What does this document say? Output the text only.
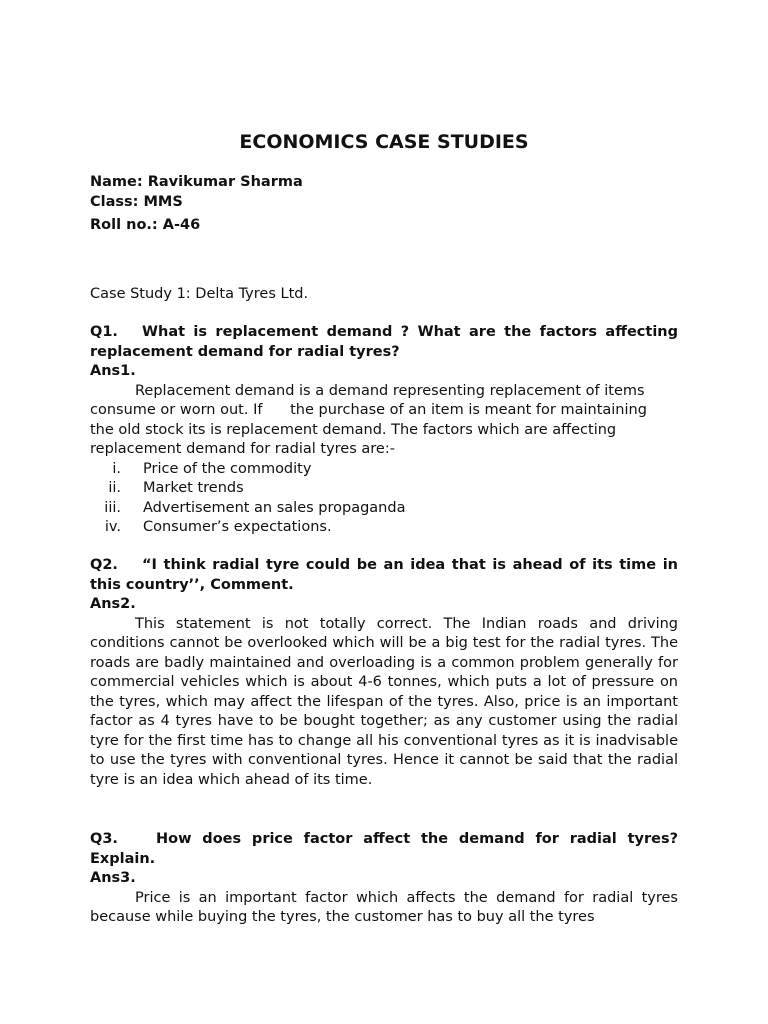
ECONOMICS CASE STUDIES

Name: Ravikumar Sharma

Class: MMS

Roll no.: A-46

Case Study 1: Delta Tyres Ltd.

Q1. What is replacement demand ? What are the factors affecting replacement demand for radial tyres?

Ans1.

Replacement demand is a demand representing replacement of items

consume or worn out. If      the purchase of an item is meant for maintaining

the old stock its is replacement demand. The factors which are affecting

replacement demand for radial tyres are:-

i. Price of the commodity
ii. Market trends
iii. Advertisement an sales propaganda
iv. Consumer’s expectations.

Q2. “I think radial tyre could be an idea that is ahead of its time in this country’’, Comment.

Ans2.

This statement is not totally correct. The Indian roads and driving conditions cannot be overlooked which will be a big test for the radial tyres. The roads are badly maintained and overloading is a common problem generally for commercial vehicles which is about 4-6 tonnes, which puts a lot of pressure on the tyres, which may affect the lifespan of the tyres. Also, price is an important factor as 4 tyres have to be bought together; as any customer using the radial tyre for the first time has to change all his conventional tyres as it is inadvisable to use the tyres with conventional tyres. Hence it cannot be said that the radial tyre is an idea which ahead of its time.

Q3.	How does price factor affect the demand for radial tyres? Explain.

Ans3.

Price is an important factor which affects the demand for radial tyres because while buying the tyres, the customer has to buy all the tyres
